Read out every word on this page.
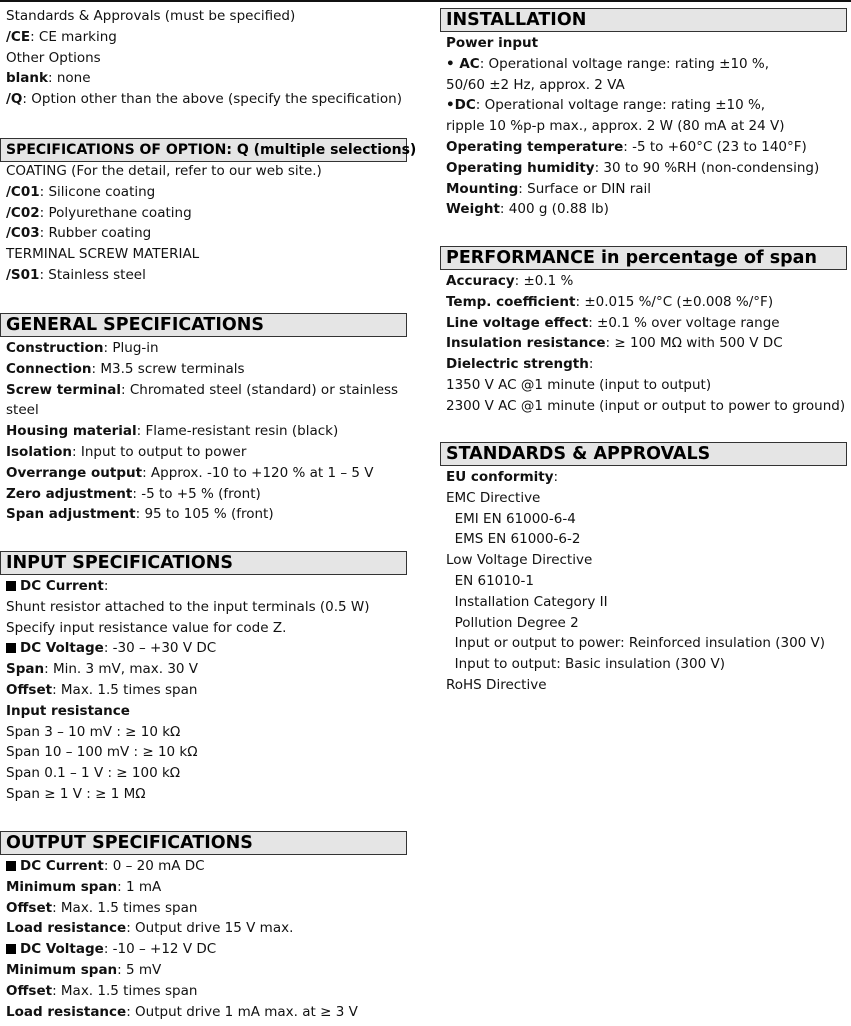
Standards & Approvals (must be specified)
/CE: CE marking
Other Options
blank: none
/Q: Option other than the above (specify the specification)
SPECIFICATIONS OF OPTION: Q (multiple selections)
COATING (For the detail, refer to our web site.)
/C01: Silicone coating
/C02: Polyurethane coating
/C03: Rubber coating
TERMINAL SCREW MATERIAL
/S01: Stainless steel
GENERAL SPECIFICATIONS
Construction: Plug-in
Connection: M3.5 screw terminals
Screw terminal: Chromated steel (standard) or stainless
steel
Housing material: Flame-resistant resin (black)
Isolation: Input to output to power
Overrange output: Approx. -10 to +120 % at 1 – 5 V
Zero adjustment: -5 to +5 % (front)
Span adjustment: 95 to 105 % (front)
INPUT SPECIFICATIONS
DC Current:
Shunt resistor attached to the input terminals (0.5 W)
Specify input resistance value for code Z.
DC Voltage: -30 – +30 V DC
Span: Min. 3 mV, max. 30 V
Offset: Max. 1.5 times span
Input resistance
Span 3 – 10 mV : ≥ 10 kΩ
Span 10 – 100 mV : ≥ 10 kΩ
Span 0.1 – 1 V : ≥ 100 kΩ
Span ≥ 1 V : ≥ 1 MΩ
OUTPUT SPECIFICATIONS
DC Current: 0 – 20 mA DC
Minimum span: 1 mA
Offset: Max. 1.5 times span
Load resistance: Output drive 15 V max.
DC Voltage: -10 – +12 V DC
Minimum span: 5 mV
Offset: Max. 1.5 times span
Load resistance: Output drive 1 mA max. at ≥ 3 V
INSTALLATION
Power input
• AC: Operational voltage range: rating ±10 %,
50/60 ±2 Hz, approx. 2 VA
•DC: Operational voltage range: rating ±10 %,
ripple 10 %p-p max., approx. 2 W (80 mA at 24 V)
Operating temperature: -5 to +60°C (23 to 140°F)
Operating humidity: 30 to 90 %RH (non-condensing)
Mounting: Surface or DIN rail
Weight: 400 g (0.88 lb)
PERFORMANCE in percentage of span
Accuracy: ±0.1 %
Temp. coefficient: ±0.015 %/°C (±0.008 %/°F)
Line voltage effect: ±0.1 % over voltage range
Insulation resistance: ≥ 100 MΩ with 500 V DC
Dielectric strength:
1350 V AC @1 minute (input to output)
2300 V AC @1 minute (input or output to power to ground)
STANDARDS & APPROVALS
EU conformity:
EMC Directive
EMI EN 61000-6-4
EMS EN 61000-6-2
Low Voltage Directive
EN 61010-1
Installation Category II
Pollution Degree 2
Input or output to power: Reinforced insulation (300 V)
Input to output: Basic insulation (300 V)
RoHS Directive
